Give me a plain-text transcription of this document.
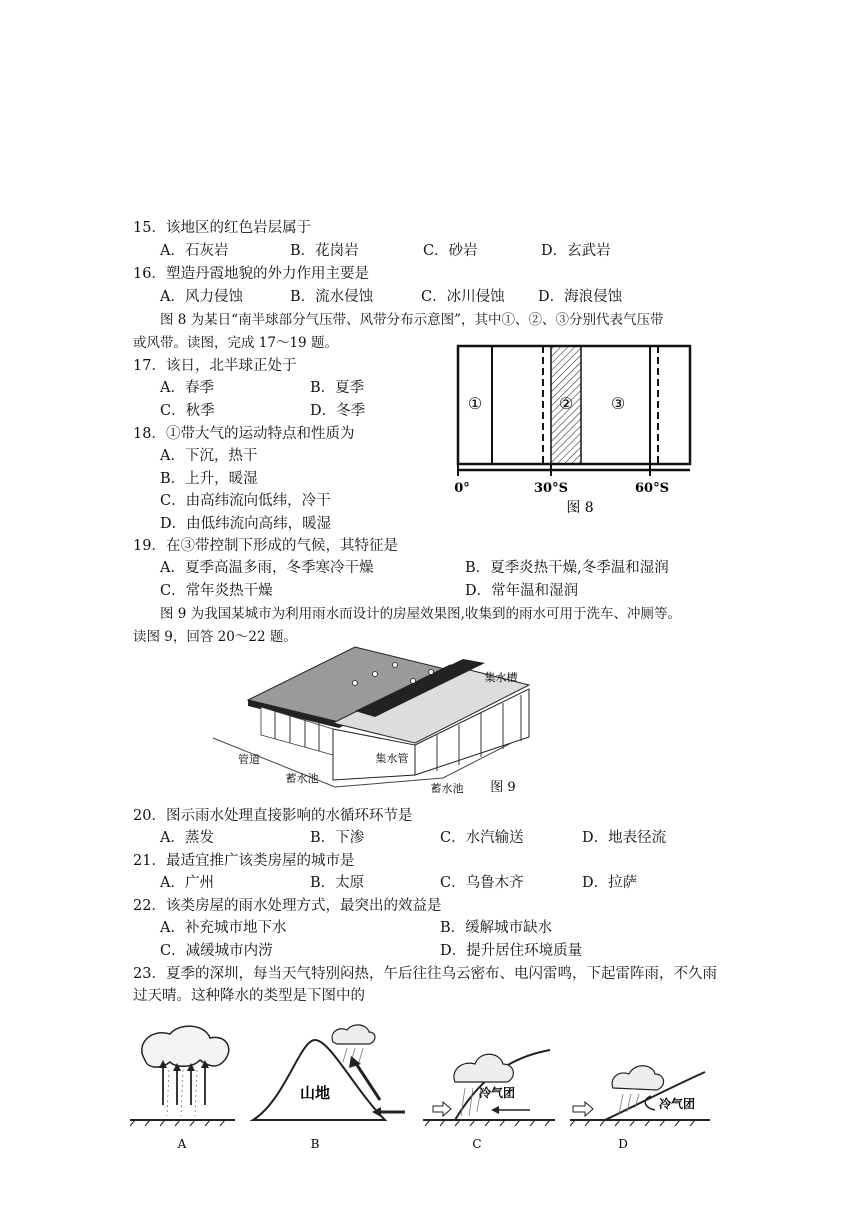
15．该地区的红色岩层属于
A．石灰岩	B．花岗岩	C．砂岩	D．玄武岩
16．塑造丹霞地貌的外力作用主要是
A．风力侵蚀	B．流水侵蚀	C．冰川侵蚀 D．海浪侵蚀
图 8 为某日“南半球部分气压带、风带分布示意图”，其中①、②、③分别代表气压带
或风带。读图，完成 17～19 题。
17．该日，北半球正处于
A．春季	B．夏季
C．秋季	D．冬季
18．①带大气的运动特点和性质为
A．下沉，热干
B．上升，暖湿
C．由高纬流向低纬，冷干
D．由低纬流向高纬，暖湿
①	② ③
0°	30°S	60°S
图 8
19．在③带控制下形成的气候，其特征是
A．夏季高温多雨，冬季寒冷干燥	B．夏季炎热干燥,冬季温和湿润
C．常年炎热干燥	D．常年温和湿润
图 9 为我国某城市为利用雨水而设计的房屋效果图,收集到的雨水可用于洗车、冲厕等。
读图 9，回答 20～22 题。
集水槽
集水管
管道
蓄水池
蓄水池 图 9
20．图示雨水处理直接影响的水循环环节是
A．蒸发	B．下渗	C．水汽输送	D．地表径流
21．最适宜推广该类房屋的城市是
A．广州	B．太原	C．乌鲁木齐	D．拉萨
22．该类房屋的雨水处理方式，最突出的效益是
A．补充城市地下水	B．缓解城市缺水
C．减缓城市内涝	D．提升居住环境质量
23．夏季的深圳，每当天气特别闷热，午后往往乌云密布、电闪雷鸣，下起雷阵雨，不久雨
过天晴。这种降水的类型是下图中的
A
山地
B
冷气团
C
冷气团
D
